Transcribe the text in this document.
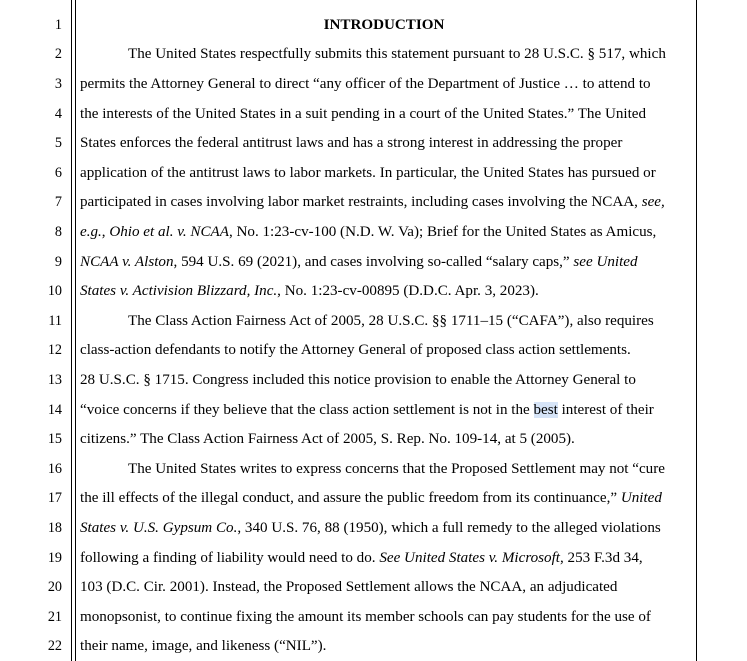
1
2
3
4
5
6
7
8
9
10
11
12
13
14
15
16
17
18
19
20
21
22
INTRODUCTION
The United States respectfully submits this statement pursuant to 28 U.S.C. § 517, which
permits the Attorney General to direct “any officer of the Department of Justice … to attend to
the interests of the United States in a suit pending in a court of the United States.” The United
States enforces the federal antitrust laws and has a strong interest in addressing the proper
application of the antitrust laws to labor markets. In particular, the United States has pursued or
participated in cases involving labor market restraints, including cases involving the NCAA, see,
e.g., Ohio et al. v. NCAA, No. 1:23-cv-100 (N.D. W. Va); Brief for the United States as Amicus,
NCAA v. Alston, 594 U.S. 69 (2021), and cases involving so-called “salary caps,” see United
States v. Activision Blizzard, Inc., No. 1:23-cv-00895 (D.D.C. Apr. 3, 2023).
The Class Action Fairness Act of 2005, 28 U.S.C. §§ 1711–15 (“CAFA”), also requires
class-action defendants to notify the Attorney General of proposed class action settlements.
28 U.S.C. § 1715. Congress included this notice provision to enable the Attorney General to
“voice concerns if they believe that the class action settlement is not in the best interest of their
citizens.” The Class Action Fairness Act of 2005, S. Rep. No. 109-14, at 5 (2005).
The United States writes to express concerns that the Proposed Settlement may not “cure
the ill effects of the illegal conduct, and assure the public freedom from its continuance,” United
States v. U.S. Gypsum Co., 340 U.S. 76, 88 (1950), which a full remedy to the alleged violations
following a finding of liability would need to do. See United States v. Microsoft, 253 F.3d 34,
103 (D.C. Cir. 2001). Instead, the Proposed Settlement allows the NCAA, an adjudicated
monopsonist, to continue fixing the amount its member schools can pay students for the use of
their name, image, and likeness (“NIL”).
